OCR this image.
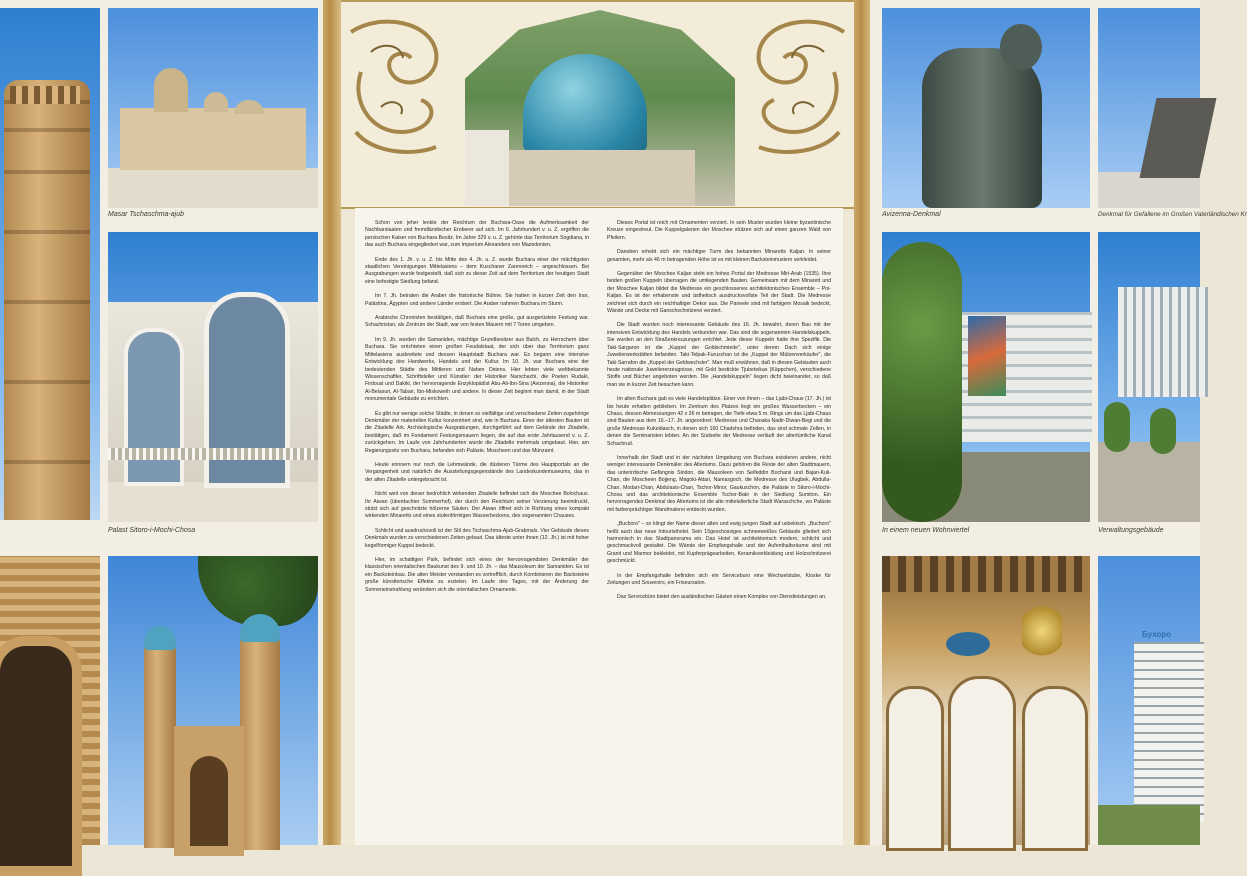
Masar Tschaschma-ajub
Palast Sitoro-i-Mochi-Chosa

Schon von jeher lenkte der Reichtum der Buchara-Oase die Aufmerksamkeit der Nachbarstaaten und fremdländischer Eroberer auf sich. Im 6. Jahrhundert v. u. Z. ergriffen die persischen Kaiser von Buchara Besitz. Im Jahre 329 v. u. Z. gehörte das Territorium Sogdiana, in das auch Buchara eingegliedert war, zum Imperium Alexanders von Mazedonien.

Ende des 1. Jh. v. u. Z. bis Mitte des 4. Jh. u. Z. wurde Buchara einer der mächtigsten staatlichen Vereinigungen Mittelasiens – dem Kuschaner Zarenreich – angeschlossen. Bei Ausgrabungen wurde festgestellt, daß sich zu dieser Zeit auf dem Territorium der heutigen Stadt eine befestigte Siedlung befand.

Im 7. Jh. betraten die Araber die historische Bühne. Sie hatten in kurzer Zeit den Iran, Palästina, Ägypten und andere Länder erobert. Die Araber nahmen Buchara im Sturm.

Arabische Chronisten bestätigen, daß Buchara eine große, gut ausgerüstete Festung war. Schachristan, als Zentrum der Stadt, war von festen Mauern mit 7 Toren umgeben.

Im 9. Jh. wurden die Samaniden, mächtige Grundbesitzer aus Balch, zu Herrschern über Buchara. Sie errichteten einen großen Feudalstaat, der sich über das Territorium ganz Mittelasiens ausbreitete und dessen Hauptstadt Buchara war. Es begann eine intensive Entwicklung des Handwerks, Handels und der Kultur. Im 10. Jh. war Buchara eine der bedeutenden Städte des Mittleren und Nahen Ostens. Hier lebten viele weltbekannte Wissenschaftler, Schriftsteller und Künstler: der Historiker Narschachi, die Poeten Rudaki, Firdousi und Dakiki, der hervorragende Enzyklopädist Abu-Ali-Ibn-Sina (Avizenna), die Historiker Al-Belasuri, Al-Tabari, Ibn-Miskoweih und andere. In dieser Zeit beginnt man damit, in der Stadt monumentale Gebäude zu errichten.

Es gibt nur wenige solche Städte, in denen so vielfältige und verschiedene Zeiten zugehörige Denkmäler der materiellen Kultur konzentriert sind, wie in Buchara. Einer der ältesten Bauten ist die Zitadelle Ark. Archäologische Ausgrabungen, durchgeführt auf dem Gelände der Zitadelle, bestätigen, daß im Fundament Festungsmauern liegen, die auf das erste Jahrtausend v. u. Z. zurückgehen. Im Laufe von Jahrhunderten wurde die Zitadelle mehrmals umgebaut. Hier, am Regierungssitz von Buchara, befanden sich Paläste, Moscheen und das Münzamt.

Heute erinnern nur noch die Lehmwände, die düsteren Türme des Hauptportals an die Vergangenheit und natürlich die Ausstellungsgegenstände des Landeskundemuseums, das in der alten Zitadelle untergebracht ist.

Nicht weit von dieser bedrohlich wirkenden Zitadelle befindet sich die Moschee Bolochaus. Ihr Aiwan (überdachter Sommerhof), der durch den Reichtum seiner Verzierung beeindruckt, stützt sich auf geschnitzte hölzerne Säulen. Der Aiwan öffnet sich in Richtung eines kompakt wirkenden Minaretts und eines stufenförmigen Wasserbeckens, des sogenannten Chauses.

Schlicht und ausdrucksvoll ist der Stil des Tschaschma-Ajub-Grabmals. Vier Gebäude dieses Denkmals wurden zu verschiedenen Zeiten gebaut. Das älteste unter ihnen (12. Jh.) ist mit hoher kegelförmiger Kuppel bedeckt.

Hier, im schattigen Park, befindet sich eines der hervorragendsten Denkmäler der klassischen orientalischen Baukunst des 9. und 10. Jh. – das Mausoleum der Samaniden. Es ist ein Backsteinbau. Die alten Meister verstanden es vortrefflich, durch Kombinieren der Backsteine große künstlerische Effekte zu erzielen. Im Laufe des Tages, mit der Änderung der Sonneneinstrahlung verändern sich die orientalischen Ornamente.

Dieses Portal ist reich mit Ornamenten verziert. In sein Muster wurden kleine byzantinische Kreuze eingestreut. Die Kuppelgalerien der Moschee stützen sich auf einen ganzen Wald von Pfeilern.

Daneben erhebt sich ein mächtiger Turm des bekannten Minaretts Kaljan. In seiner gesamten, mehr als 46 m betragenden Höhe ist es mit kleinen Backsteinmustern verkleidet.

Gegenüber der Moschee Kaljan steht ein hohes Portal der Medresse Miri-Arab (1535). Ihre beiden großen Kuppeln überragen die umliegenden Bauten. Gemeinsam mit dem Minarett und der Moschee Kaljan bildet die Medresse ein geschlossenes architektonisches Ensemble – Poi-Kaljan. Es ist der erhabenste und ästhetisch ausdrucksvollste Teil der Stadt. Die Medresse zeichnet sich durch ein reichhaltiger Dekor aus. Die Paneele sind mit farbigem Mosaik bedeckt, Wände und Decke mit Ganschschnitzerei verziert.

Die Stadt wurden noch interessante Gebäude des 16. Jh. bewahrt, deren Bau mit der intensiven Entwicklung des Handels verbunden war. Das sind die sogenannten Handelskuppeln. Sie wurden an den Straßenkreuzungen errichtet. Jede dieser Kuppeln hatte ihre Spezifik. Die Taki-Sargaron ist die „Kuppel der Goldschmiede", unter derem Dach sich einige Juwelierwerkstätten befanden. Taki-Telpak-Furuschan ist die „Kuppel der Mützenverkäufer", die Taki-Sarrafon die „Kuppel der Geldwechsler". Man muß erwähnen, daß in diesen Gebäuden auch heute nationale Juweliererzeugnisse, mit Gold bestickte Tjubeteikas (Käppchen), verschiedene Stoffe und Bücher angeboten werden. Die „Handelskuppeln" liegen dicht beieinander, so daß man sie in kurzer Zeit besuchen kann.

Im alten Buchara gab es viele Handelsplätze. Einer von ihnen – das Ljabi-Chaus (17. Jh.) ist bis heute erhalten geblieben. Im Zentrum des Platzes liegt ein großes Wasserbecken – ein Chaus, dessen Abmessungen 42 x 36 m betragen, die Tiefe etwa 5 m. Rings um das Ljabi-Chaus sind Bauten aus dem 16.–17. Jh. angeordnet: Medresse und Chanaka Nadir-Diwan-Begi und die große Medresse Kukeldasch, in denen sich 160 Chadshra befinden, das sind schmale Zellen, in denen die Seminaristen lebten. An der Südseite der Medresse verläuft der altertümliche Kanal Schachrud.

Innerhalb der Stadt und in der nächsten Umgebung von Buchara existieren andere, nicht weniger interessante Denkmäler des Altertums. Dazu gehören die Reste der alten Stadtmauern, das unterirdische Gefängnis Sindon, die Mausoleen von Seifeddin Bocharsi und Bajan-Kuli-Chan, die Moscheen Bojjeng, Magoki-Attari, Namasgoch, die Medresse des Ulugbek, Abdulla-Chan, Modari-Chan, Abdulasis-Chan, Tschor-Minor, Gaukuschon, die Paläste in Sitoro-i-Mochi-Chosa und das architektonische Ensemble Tschor-Bakr in der Siedlung Sumiton. Ein hervorragendes Denkmal des Altertums ist die alte mittelalterliche Stadt Waraschche, wo Paläste mit farbenprächtiger Wandmalerei entdeckt wurden.

„Buchoro" – so klingt der Name dieser alten und ewig jungen Stadt auf usbekisch. „Buchoro" heißt auch das neue Intouristhotel. Sein 15geschossiges schneeweißes Gebäude gliedert sich harmonisch in das Stadtpanorama ein. Das Hotel ist architektonisch modern, schlicht und geschmackvoll gestaltet. Die Wände der Empfangshalle und der Aufenthaltsräume sind mit Granit und Marmor bekleidet, mit Kupferprägearbeiten, Keramikverkleidung und Holzschnitzerei geschmückt.

In der Empfangshalle befinden sich ein Serviceburo eine Wechselstube, Kioske für Zeitungen und Souvenirs, ein Friseursalon.

Das Servicebüro bietet den ausländischen Gästen einen Komplex von Dienstleistungen an.

Avizenna-Denkmal	Denkmal für Gefallene im Großen Vaterländischen Kr
In einem neuen Wohnviertel	Verwaltungsgebäude
Бухоро
